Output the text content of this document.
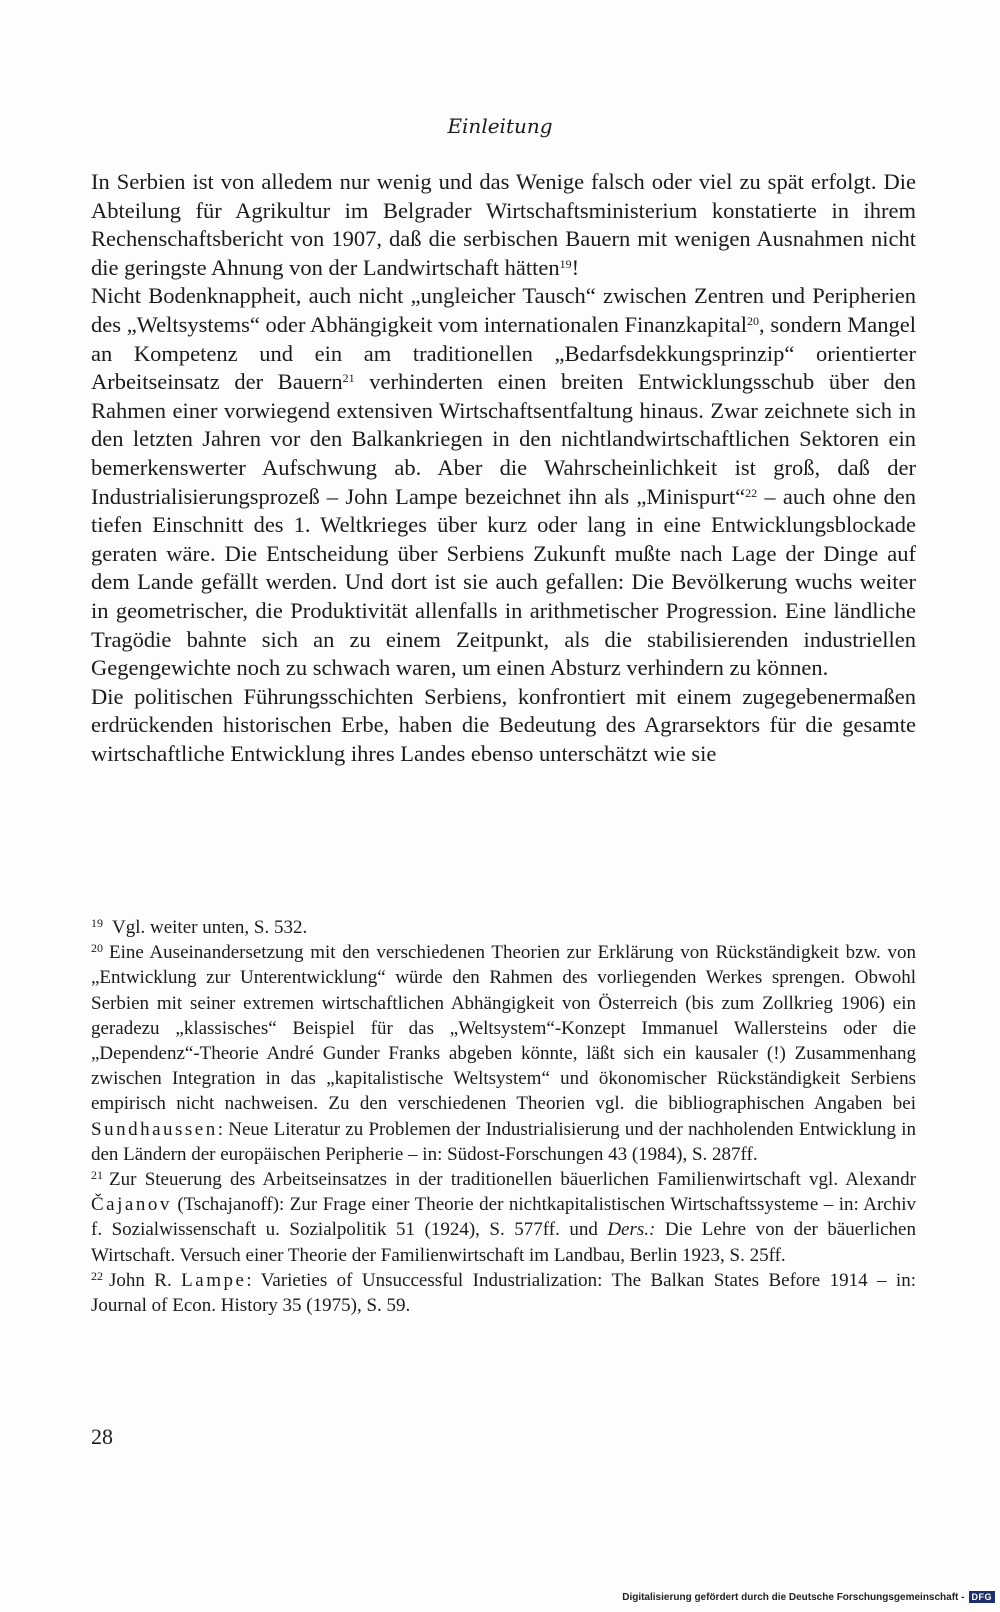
Einleitung

In Serbien ist von alledem nur wenig und das Wenige falsch oder viel zu spät erfolgt. Die Abteilung für Agrikultur im Belgrader Wirtschaftsministerium konstatierte in ihrem Rechenschaftsbericht von 1907, daß die serbischen Bauern mit wenigen Ausnahmen nicht die geringste Ahnung von der Landwirtschaft hätten$^{19}$!

Nicht Bodenknappheit, auch nicht „ungleicher Tausch“ zwischen Zentren und Peripherien des „Weltsystems“ oder Abhängigkeit vom internationalen Finanzkapital$^{20}$, sondern Mangel an Kompetenz und ein am traditionellen „Bedarfsdekkungsprinzip“ orientierter Arbeitseinsatz der Bauern$^{21}$ verhinderten einen breiten Entwicklungsschub über den Rahmen einer vorwiegend extensiven Wirtschaftsentfaltung hinaus. Zwar zeichnete sich in den letzten Jahren vor den Balkankriegen in den nichtlandwirtschaftlichen Sektoren ein bemerkenswerter Aufschwung ab. Aber die Wahrscheinlichkeit ist groß, daß der Industrialisierungsprozeß – John Lampe bezeichnet ihn als „Minispurt“$^{22}$ – auch ohne den tiefen Einschnitt des 1. Weltkrieges über kurz oder lang in eine Entwicklungsblockade geraten wäre. Die Entscheidung über Serbiens Zukunft mußte nach Lage der Dinge auf dem Lande gefällt werden. Und dort ist sie auch gefallen: Die Bevölkerung wuchs weiter in geometrischer, die Produktivität allenfalls in arithmetischer Progression. Eine ländliche Tragödie bahnte sich an zu einem Zeitpunkt, als die stabilisierenden industriellen Gegengewichte noch zu schwach waren, um einen Absturz verhindern zu können.

Die politischen Führungsschichten Serbiens, konfrontiert mit einem zugegebenermaßen erdrückenden historischen Erbe, haben die Bedeutung des Agrarsektors für die gesamte wirtschaftliche Entwicklung ihres Landes ebenso unterschätzt wie sie

$^{19}$ Vgl. weiter unten, S. 532.

$^{20}$ Eine Auseinandersetzung mit den verschiedenen Theorien zur Erklärung von Rückständigkeit bzw. von „Entwicklung zur Unterentwicklung“ würde den Rahmen des vorliegenden Werkes sprengen. Obwohl Serbien mit seiner extremen wirtschaftlichen Abhängigkeit von Österreich (bis zum Zollkrieg 1906) ein geradezu „klassisches“ Beispiel für das „Weltsystem“-Konzept Immanuel Wallersteins oder die „Dependenz“-Theorie André Gunder Franks abgeben könnte, läßt sich ein kausaler (!) Zusammenhang zwischen Integration in das „kapitalistische Weltsystem“ und ökonomischer Rückständigkeit Serbiens empirisch nicht nachweisen. Zu den verschiedenen Theorien vgl. die bibliographischen Angaben bei Sundhaussen: Neue Literatur zu Problemen der Industrialisierung und der nachholenden Entwicklung in den Ländern der europäischen Peripherie – in: Südost-Forschungen 43 (1984), S. 287ff.

$^{21}$ Zur Steuerung des Arbeitseinsatzes in der traditionellen bäuerlichen Familienwirtschaft vgl. Alexandr Čajanov (Tschajanoff): Zur Frage einer Theorie der nichtkapitalistischen Wirtschaftssysteme – in: Archiv f. Sozialwissenschaft u. Sozialpolitik 51 (1924), S. 577ff. und Ders.: Die Lehre von der bäuerlichen Wirtschaft. Versuch einer Theorie der Familienwirtschaft im Landbau, Berlin 1923, S. 25ff.

$^{22}$ John R. Lampe: Varieties of Unsuccessful Industrialization: The Balkan States Before 1914 – in: Journal of Econ. History 35 (1975), S. 59.

28
Digitalisierung gefördert durch die Deutsche Forschungsgemeinschaft - DFG
